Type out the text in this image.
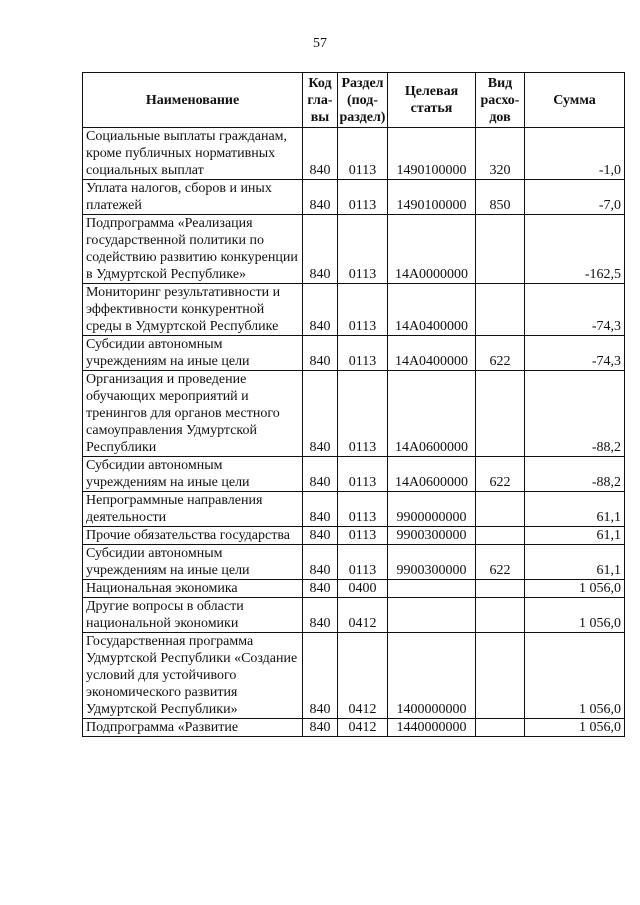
57
Наименование	Код гла-вы	Раздел (под-раздел)	Целевая статья	Вид расхо-дов	Сумма
Социальные выплаты гражданам, кроме публичных нормативных социальных выплат	840	0113	1490100000	320	-1,0
Уплата налогов, сборов и иных платежей	840	0113	1490100000	850	-7,0
Подпрограмма «Реализация государственной политики по содействию развитию конкуренции в Удмуртской Республике»	840	0113	14А0000000		-162,5
Мониторинг результативности и эффективности конкурентной среды в Удмуртской Республике	840	0113	14А0400000		-74,3
Субсидии автономным учреждениям на иные цели	840	0113	14А0400000	622	-74,3
Организация и проведение обучающих мероприятий и тренингов для органов местного самоуправления Удмуртской Республики	840	0113	14А0600000		-88,2
Субсидии автономным учреждениям на иные цели	840	0113	14А0600000	622	-88,2
Непрограммные направления деятельности	840	0113	9900000000		61,1
Прочие обязательства государства	840	0113	9900300000		61,1
Субсидии автономным учреждениям на иные цели	840	0113	9900300000	622	61,1
Национальная экономика	840	0400			1 056,0
Другие вопросы в области национальной экономики	840	0412			1 056,0
Государственная программа Удмуртской Республики «Создание условий для устойчивого экономического развития Удмуртской Республики»	840	0412	1400000000		1 056,0
Подпрограмма «Развитие	840	0412	1440000000		1 056,0
